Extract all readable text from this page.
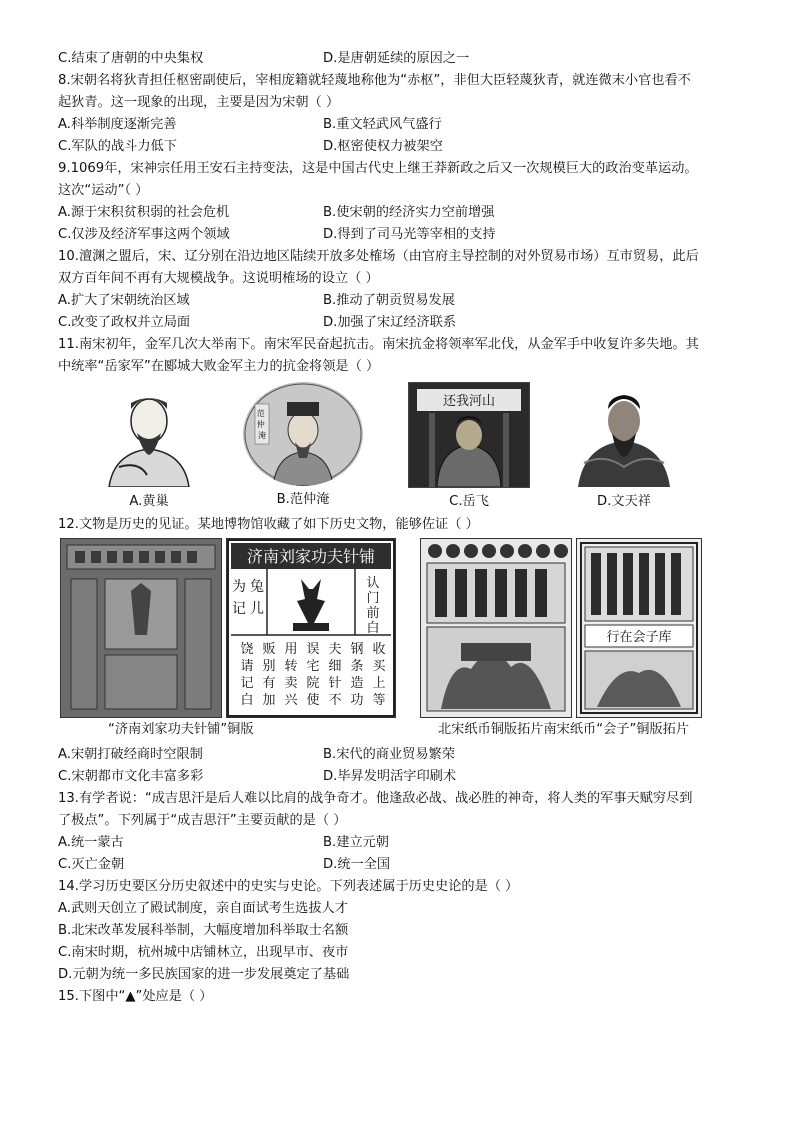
C.结束了唐朝的中央集权	D.是唐朝延续的原因之一
8.宋朝名将狄青担任枢密副使后，宰相庞籍就轻蔑地称他为“赤枢”，非但大臣轻蔑狄青，就连微末小官也看不
起狄青。这一现象的出现，主要是因为宋朝（ ）
A.科举制度逐渐完善	B.重文轻武风气盛行
C.军队的战斗力低下	D.枢密使权力被架空
9.1069年，宋神宗任用王安石主持变法，这是中国古代史上继王莽新政之后又一次规模巨大的政治变革运动。
这次“运动”（ ）
A.源于宋积贫积弱的社会危机	B.使宋朝的经济实力空前增强
C.仅涉及经济军事这两个领域	D.得到了司马光等宰相的支持
10.澶渊之盟后，宋、辽分别在沿边地区陆续开放多处榷场（由官府主导控制的对外贸易市场）互市贸易，此后
双方百年间不再有大规模战争。这说明榷场的设立（ ）
A.扩大了宋朝统治区域	B.推动了朝贡贸易发展
C.改变了政权并立局面	D.加强了宋辽经济联系
11.南宋初年，金军几次大举南下。南宋军民奋起抗击。南宋抗金将领率军北伐，从金军手中收复许多失地。其
中统率“岳家军”在郾城大败金军主力的抗金将领是（ ）
A.黄巢
范 仲 淹
B.范仲淹
还我河山
C.岳飞	D.文天祥
12.文物是历史的见证。某地博物馆收藏了如下历史文物，能够佐证（ ）
济南刘家功夫针铺
兔
儿
为
记
认
门
前
白
收
买
上
等
钢
条
造
功
夫
细
针
不
误
宅
院
使
用
转
卖
兴
贩
别
有
加
饶
请
记
白
行在会子库
“济南刘家功夫针铺”铜版	北宋纸币铜版拓片南宋纸币“会子”铜版拓片
A.宋朝打破经商时空限制	B.宋代的商业贸易繁荣
C.宋朝都市文化丰富多彩	D.毕昇发明活字印刷术
13.有学者说：“成吉思汗是后人难以比肩的战争奇才。他逢敌必战、战必胜的神奇，将人类的军事天赋穷尽到
了极点”。下列属于“成吉思汗”主要贡献的是（ ）
A.统一蒙古	B.建立元朝
C.灭亡金朝	D.统一全国
14.学习历史要区分历史叙述中的史实与史论。下列表述属于历史史论的是（ ）
A.武则天创立了殿试制度，亲自面试考生选拔人才
B.北宋改革发展科举制，大幅度增加科举取士名额
C.南宋时期，杭州城中店铺林立，出现早市、夜市
D.元朝为统一多民族国家的进一步发展奠定了基础
15.下图中“▲”处应是（ ）
